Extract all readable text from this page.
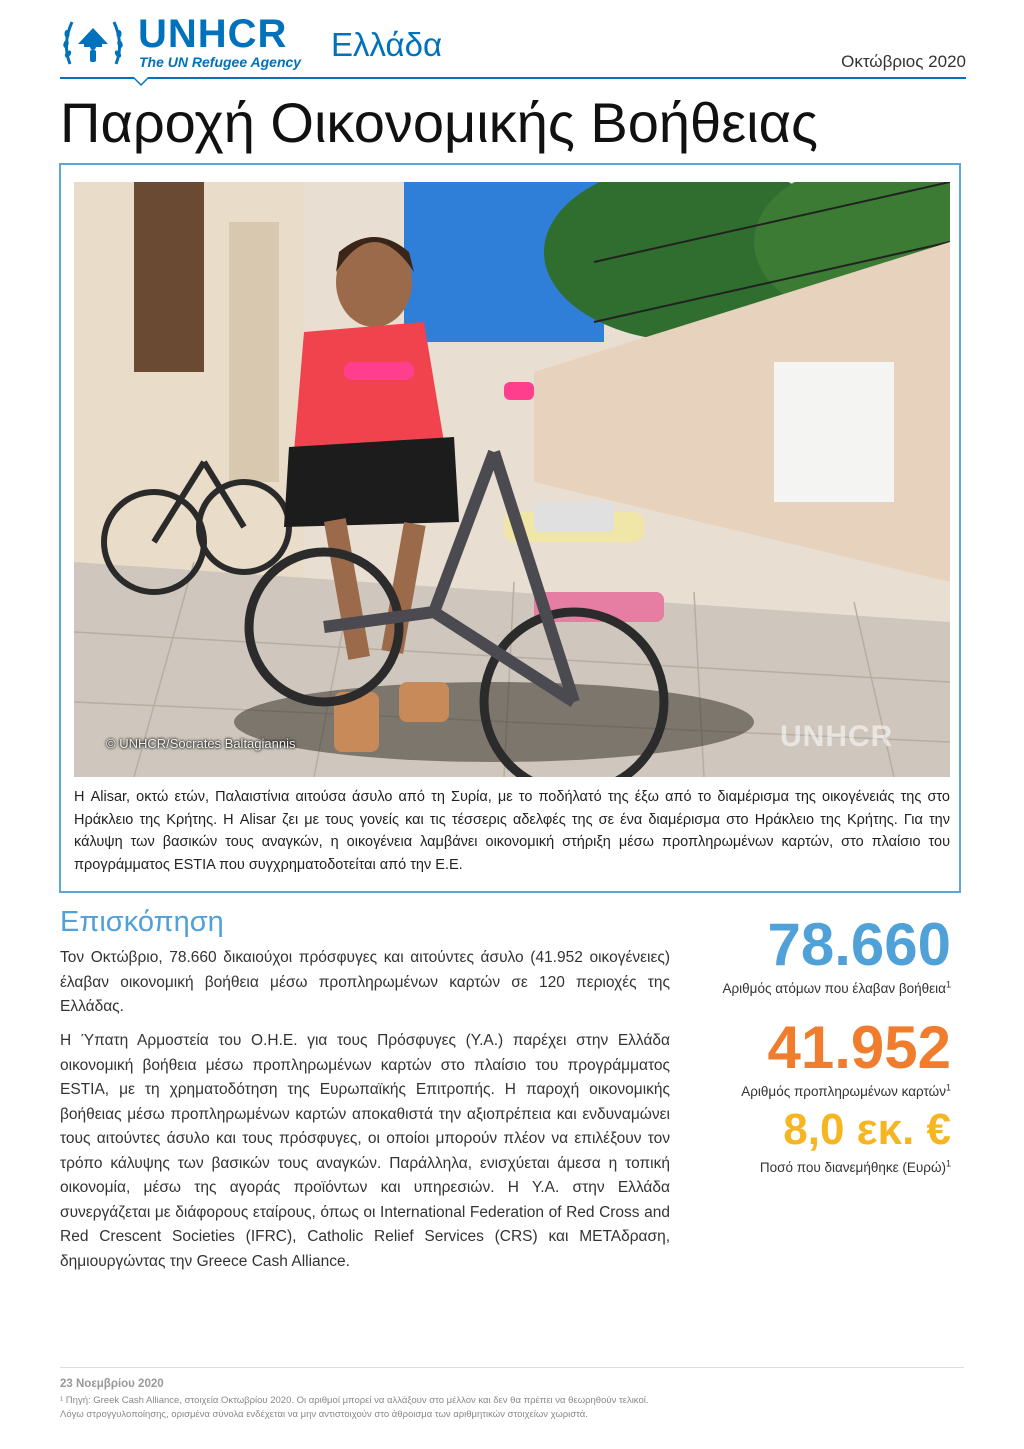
UNHCR
The UN Refugee Agency Ελλάδα	Οκτώβριος 2020
Παροχή Οικονομικής Βοήθειας
© UNHCR/Socrates Baltagiannis	UNHCR
Η Alisar, οκτώ ετών, Παλαιστίνια αιτούσα άσυλο από τη Συρία, με το ποδήλατό της έξω από το διαμέρισμα της οικογένειάς της στο Ηράκλειο της Κρήτης. Η Alisar ζει με τους γονείς και τις τέσσερις αδελφές της σε ένα διαμέρισμα στο Ηράκλειο της Κρήτης. Για την κάλυψη των βασικών τους αναγκών, η οικογένεια λαμβάνει οικονομική στήριξη μέσω προπληρωμένων καρτών, στο πλαίσιο του προγράμματος ESTIA που συγχρηματοδοτείται από την Ε.Ε.
Επισκόπηση

Τον Οκτώβριο, 78.660 δικαιούχοι πρόσφυγες και αιτούντες άσυλο (41.952 οικογένειες) έλαβαν οικονομική βοήθεια μέσω προπληρωμένων καρτών σε 120 περιοχές της Ελλάδας.

Η Ύπατη Αρμοστεία του Ο.Η.Ε. για τους Πρόσφυγες (Υ.Α.) παρέχει στην Ελλάδα οικονομική βοήθεια μέσω προπληρωμένων καρτών στο πλαίσιο του προγράμματος ESTIA, με τη χρηματοδότηση της Ευρωπαϊκής Επιτροπής. Η παροχή οικονομικής βοήθειας μέσω προπληρωμένων καρτών αποκαθιστά την αξιοπρέπεια και ενδυναμώνει τους αιτούντες άσυλο και τους πρόσφυγες, οι οποίοι μπορούν πλέον να επιλέξουν τον τρόπο κάλυψης των βασικών τους αναγκών. Παράλληλα, ενισχύεται άμεσα η τοπική οικονομία, μέσω της αγοράς προϊόντων και υπηρεσιών. Η Υ.Α. στην Ελλάδα συνεργάζεται με διάφορους εταίρους, όπως οι International Federation of Red Cross and Red Crescent Societies (IFRC), Catholic Relief Services (CRS) και ΜΕΤΑδραση, δημιουργώντας την Greece Cash Alliance.

78.660
Αριθμός ατόμων που έλαβαν βοήθεια$^1$
41.952
Αριθμός προπληρωμένων καρτών$^1$
8,0 εκ. €
Ποσό που διανεμήθηκε $(E\upsilon\rho ώ)^1$
23 Νοεμβρίου 2020
¹ Πηγή: Greek Cash Alliance, στοιχεία Οκτωβρίου 2020. Οι αριθμοί μπορεί να αλλάξουν στο μέλλον και δεν θα πρέπει να θεωρηθούν τελικοί.
Λόγω στρογγυλοποίησης, ορισμένα σύνολα ενδέχεται να μην αντιστοιχούν στο άθροισμα των αριθμητικών στοιχείων χωριστά.
